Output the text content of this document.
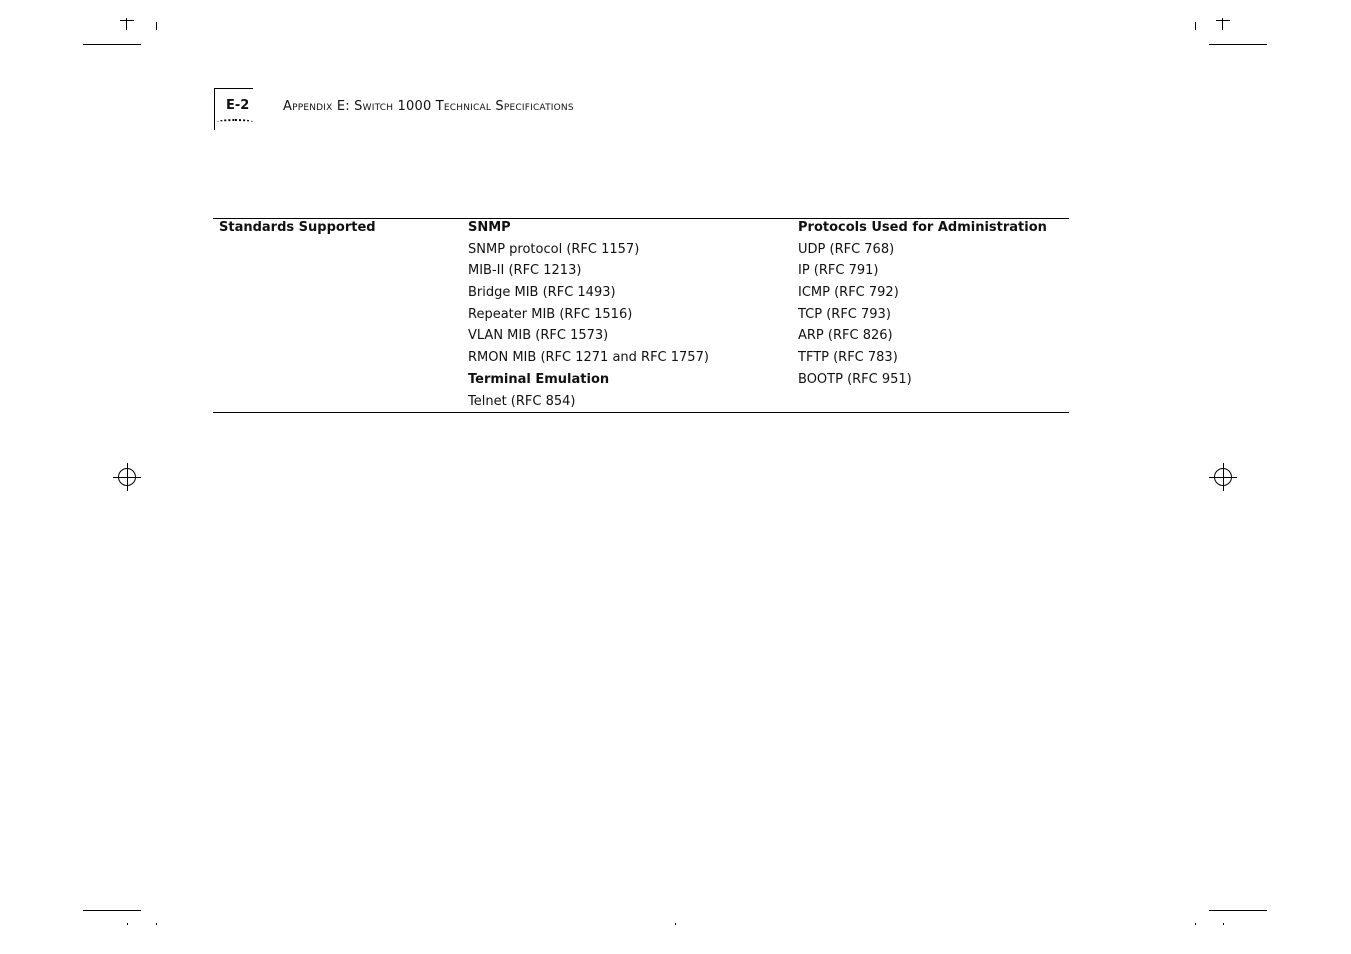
E-2	Appendix E: Switch 1000 Technical Specifications
Standards Supported	SNMP
SNMP protocol (RFC 1157)
MIB-II (RFC 1213)
Bridge MIB (RFC 1493)
Repeater MIB (RFC 1516)
VLAN MIB (RFC 1573)
RMON MIB (RFC 1271 and RFC 1757)
Terminal Emulation
Telnet (RFC 854)
Protocols Used for Administration
UDP (RFC 768)
IP (RFC 791)
ICMP (RFC 792)
TCP (RFC 793)
ARP (RFC 826)
TFTP (RFC 783)
BOOTP (RFC 951)
